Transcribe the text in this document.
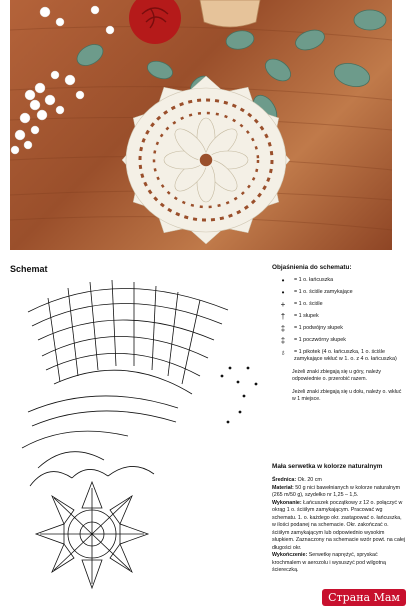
Schemat	Objaśnienia do schematu:
•	= 1 o. łańcuszka
•	= 1 o. ściśle zamykające
+	= 1 o. ściśle
†	= 1 słupek
‡	= 1 podwójny słupek
‡	= 1 poczwórny słupek
♁	= 1 pikotek (4 o. łańcuszka, 1 o. ściśle zamykające wkłuć w 1. o. z 4 o. łańcuszka)
Jeżeli znaki zbiegają się u góry, należy odpowiednie o. przerobić razem.
Jeżeli znaki zbiegają się u dołu, należy o. wkłuć w 1 miejsce.
Mała serwetka w kolorze naturalnym
Średnica: Ok. 20 cm
Materiał: 50 g nici bawełnianych w kolorze naturalnym (265 m/50 g), szydełko nr 1,25 – 1,5.
Wykonanie: Łańcuszek początkowy z 12 o. połączyć w okrąg 1 o. ściśłym zamykającym. Pracować wg schematu. 1. o. każdego okr. zastąpować o. łańcuszka, w ilości podanej na schemacie. Okr. zakończać o. ściśłym zamykającym lub odpowiednio wysokim słupkiem. Zaznaczony na schemacie wzór powt. na całej długości okr.
Wykończenie: Serwetkę naprężyć, spryskać krochmalem w aerozolu i wysuszyć pod wilgotną ściereczką.
Страна Мам
